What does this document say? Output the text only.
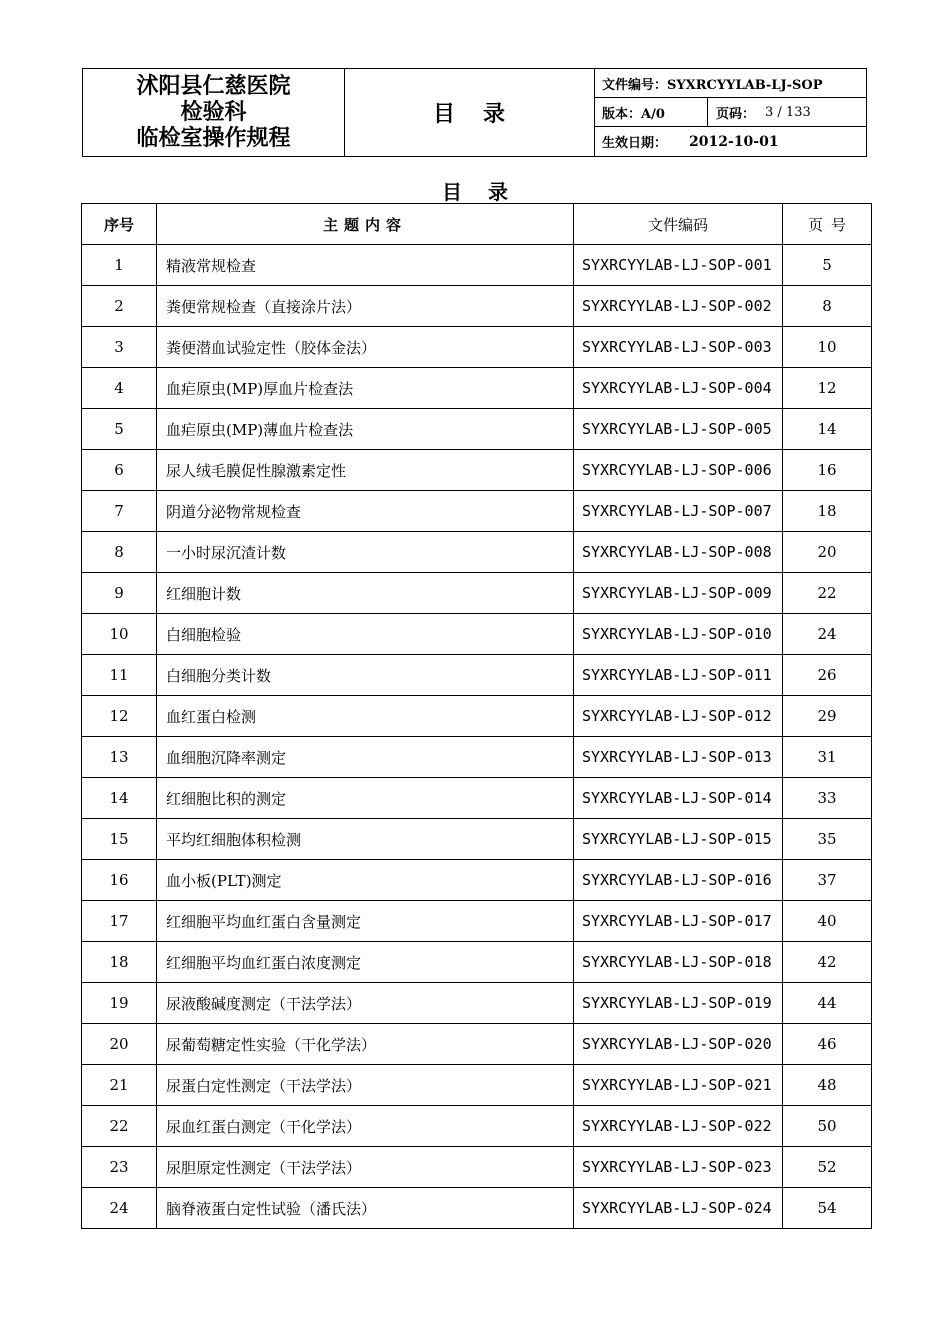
沭阳县仁慈医院
检验科
临检室操作规程
目录
文件编号：SYXRCYYLAB-LJ-SOP
版本：A/0	页码： 3 / 133
生效日期： 2012-10-01
目录
序号	主题内容	文件编码	页号
1	精液常规检查	SYXRCYYLAB-LJ-SOP-001	5
2	粪便常规检查（直接涂片法）	SYXRCYYLAB-LJ-SOP-002	8
3	粪便潜血试验定性（胶体金法）	SYXRCYYLAB-LJ-SOP-003	10
4	血疟原虫(MP)厚血片检查法	SYXRCYYLAB-LJ-SOP-004	12
5	血疟原虫(MP)薄血片检查法	SYXRCYYLAB-LJ-SOP-005	14
6	尿人绒毛膜促性腺激素定性	SYXRCYYLAB-LJ-SOP-006	16
7	阴道分泌物常规检查	SYXRCYYLAB-LJ-SOP-007	18
8	一小时尿沉渣计数	SYXRCYYLAB-LJ-SOP-008	20
9	红细胞计数	SYXRCYYLAB-LJ-SOP-009	22
10	白细胞检验	SYXRCYYLAB-LJ-SOP-010	24
11	白细胞分类计数	SYXRCYYLAB-LJ-SOP-011	26
12	血红蛋白检测	SYXRCYYLAB-LJ-SOP-012	29
13	血细胞沉降率测定	SYXRCYYLAB-LJ-SOP-013	31
14	红细胞比积的测定	SYXRCYYLAB-LJ-SOP-014	33
15	平均红细胞体积检测	SYXRCYYLAB-LJ-SOP-015	35
16	血小板(PLT)测定	SYXRCYYLAB-LJ-SOP-016	37
17	红细胞平均血红蛋白含量测定	SYXRCYYLAB-LJ-SOP-017	40
18	红细胞平均血红蛋白浓度测定	SYXRCYYLAB-LJ-SOP-018	42
19	尿液酸碱度测定（干法学法）	SYXRCYYLAB-LJ-SOP-019	44
20	尿葡萄糖定性实验（干化学法）	SYXRCYYLAB-LJ-SOP-020	46
21	尿蛋白定性测定（干法学法）	SYXRCYYLAB-LJ-SOP-021	48
22	尿血红蛋白测定（干化学法）	SYXRCYYLAB-LJ-SOP-022	50
23	尿胆原定性测定（干法学法）	SYXRCYYLAB-LJ-SOP-023	52
24	脑脊液蛋白定性试验（潘氏法）	SYXRCYYLAB-LJ-SOP-024	54
